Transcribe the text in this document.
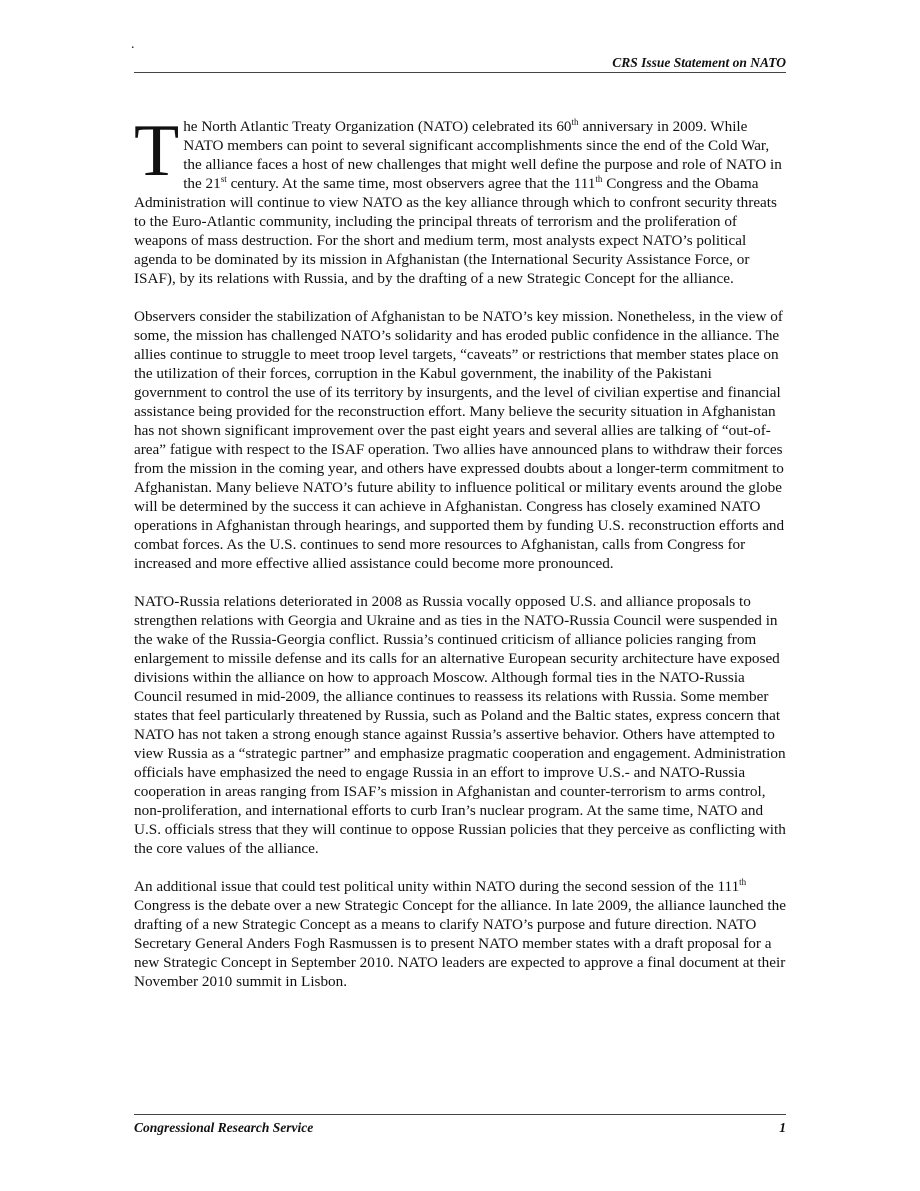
.
CRS Issue Statement on NATO

The North Atlantic Treaty Organization (NATO) celebrated its 60th anniversary in 2009. While NATO members can point to several significant accomplishments since the end of the Cold War, the alliance faces a host of new challenges that might well define the purpose and role of NATO in the 21st century. At the same time, most observers agree that the 111th Congress and the Obama Administration will continue to view NATO as the key alliance through which to confront security threats to the Euro-Atlantic community, including the principal threats of terrorism and the proliferation of weapons of mass destruction. For the short and medium term, most analysts expect NATO’s political agenda to be dominated by its mission in Afghanistan (the International Security Assistance Force, or ISAF), by its relations with Russia, and by the drafting of a new Strategic Concept for the alliance.

Observers consider the stabilization of Afghanistan to be NATO’s key mission. Nonetheless, in the view of some, the mission has challenged NATO’s solidarity and has eroded public confidence in the alliance. The allies continue to struggle to meet troop level targets, “caveats” or restrictions that member states place on the utilization of their forces, corruption in the Kabul government, the inability of the Pakistani government to control the use of its territory by insurgents, and the level of civilian expertise and financial assistance being provided for the reconstruction effort. Many believe the security situation in Afghanistan has not shown significant improvement over the past eight years and several allies are talking of “out-of-area” fatigue with respect to the ISAF operation. Two allies have announced plans to withdraw their forces from the mission in the coming year, and others have expressed doubts about a longer-term commitment to Afghanistan. Many believe NATO’s future ability to influence political or military events around the globe will be determined by the success it can achieve in Afghanistan. Congress has closely examined NATO operations in Afghanistan through hearings, and supported them by funding U.S. reconstruction efforts and combat forces. As the U.S. continues to send more resources to Afghanistan, calls from Congress for increased and more effective allied assistance could become more pronounced.

NATO-Russia relations deteriorated in 2008 as Russia vocally opposed U.S. and alliance proposals to strengthen relations with Georgia and Ukraine and as ties in the NATO-Russia Council were suspended in the wake of the Russia-Georgia conflict. Russia’s continued criticism of alliance policies ranging from enlargement to missile defense and its calls for an alternative European security architecture have exposed divisions within the alliance on how to approach Moscow. Although formal ties in the NATO-Russia Council resumed in mid-2009, the alliance continues to reassess its relations with Russia. Some member states that feel particularly threatened by Russia, such as Poland and the Baltic states, express concern that NATO has not taken a strong enough stance against Russia’s assertive behavior. Others have attempted to view Russia as a “strategic partner” and emphasize pragmatic cooperation and engagement. Administration officials have emphasized the need to engage Russia in an effort to improve U.S.- and NATO-Russia cooperation in areas ranging from ISAF’s mission in Afghanistan and counter-terrorism to arms control, non-proliferation, and international efforts to curb Iran’s nuclear program. At the same time, NATO and U.S. officials stress that they will continue to oppose Russian policies that they perceive as conflicting with the core values of the alliance.

An additional issue that could test political unity within NATO during the second session of the 111th Congress is the debate over a new Strategic Concept for the alliance. In late 2009, the alliance launched the drafting of a new Strategic Concept as a means to clarify NATO’s purpose and future direction. NATO Secretary General Anders Fogh Rasmussen is to present NATO member states with a draft proposal for a new Strategic Concept in September 2010. NATO leaders are expected to approve a final document at their November 2010 summit in Lisbon.

Congressional Research Service	1
